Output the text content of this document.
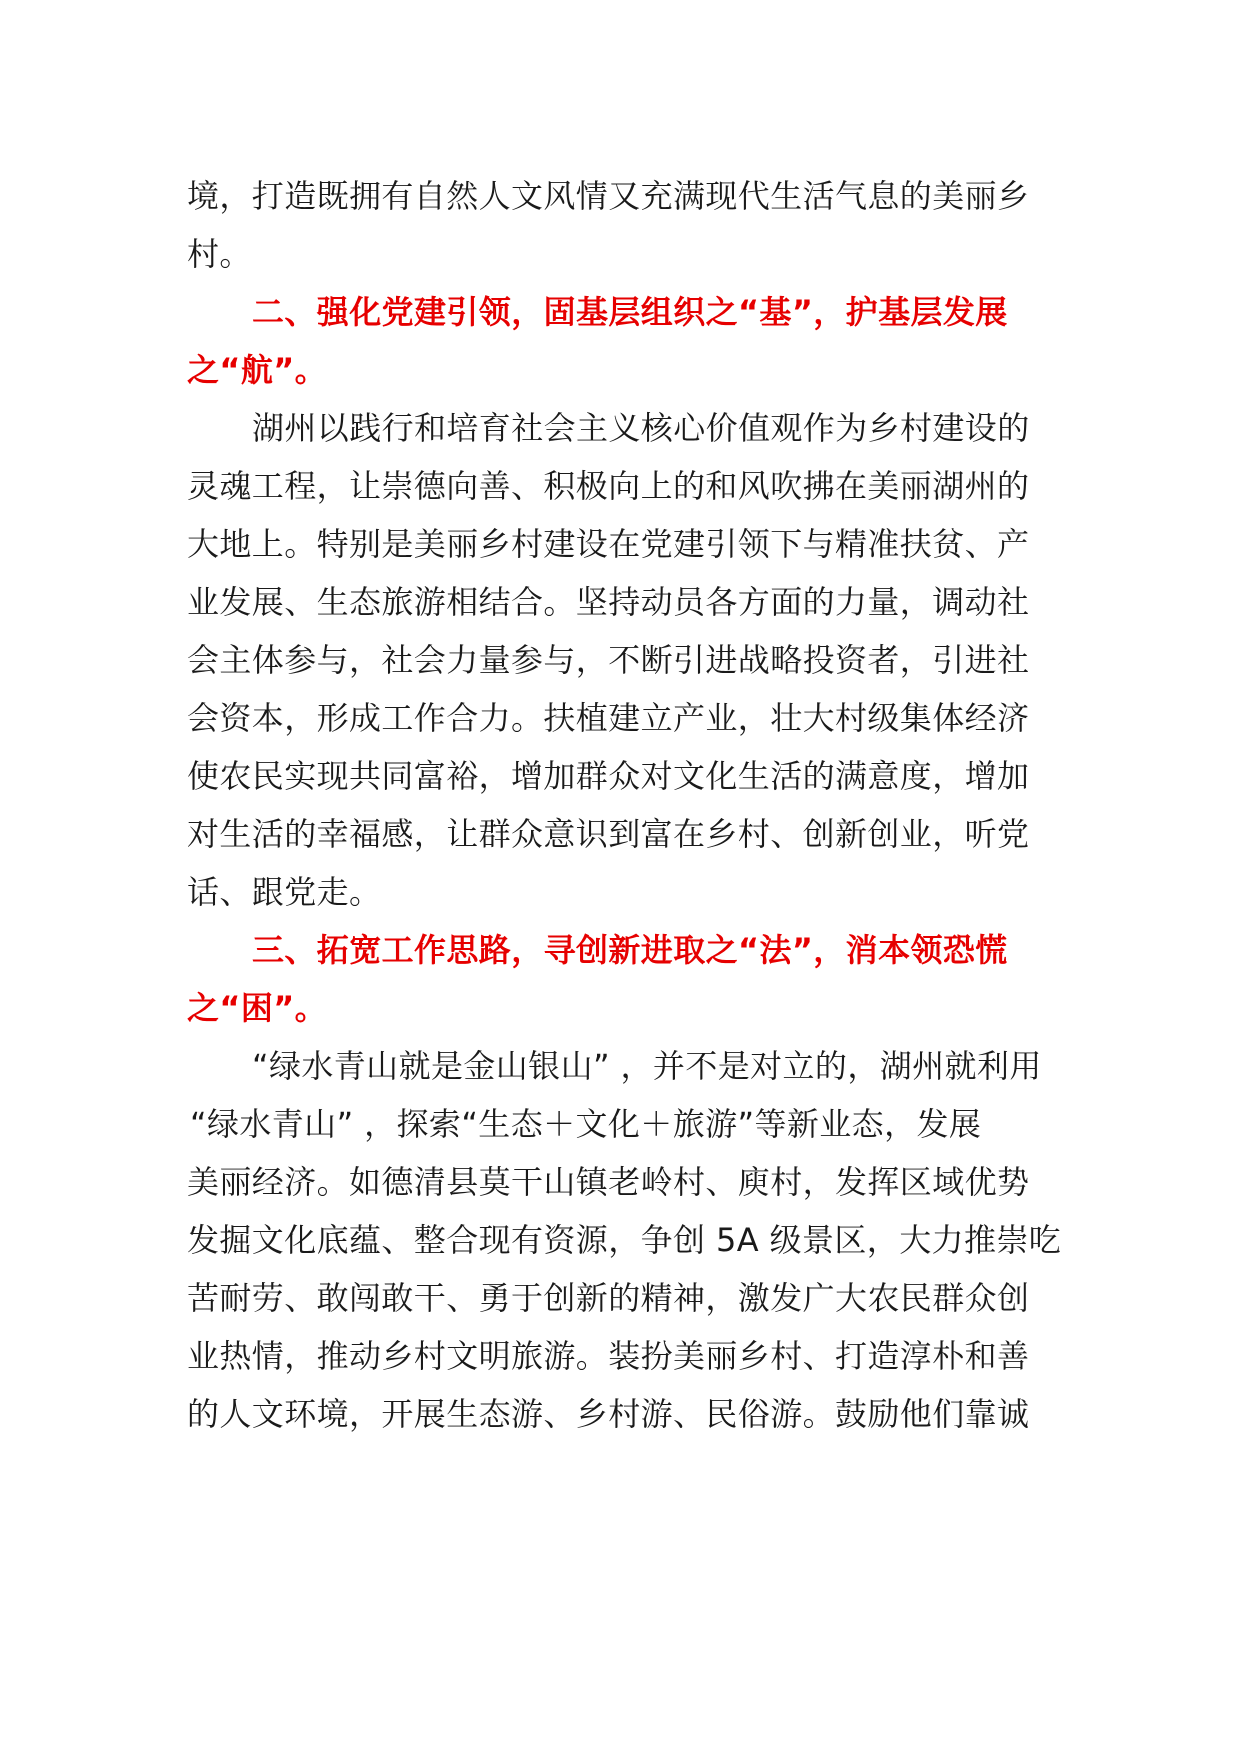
境，打造既拥有自然人文风情又充满现代生活气息的美丽乡
村。
二、强化党建引领，固基层组织之“基”，护基层发展
之“航”。
湖州以践行和培育社会主义核心价值观作为乡村建设的
灵魂工程，让崇德向善、积极向上的和风吹拂在美丽湖州的
大地上。特别是美丽乡村建设在党建引领下与精准扶贫、产
业发展、生态旅游相结合。坚持动员各方面的力量，调动社
会主体参与，社会力量参与，不断引进战略投资者，引进社
会资本，形成工作合力。扶植建立产业，壮大村级集体经济
使农民实现共同富裕，增加群众对文化生活的满意度，增加
对生活的幸福感，让群众意识到富在乡村、创新创业，听党
话、跟党走。
三、拓宽工作思路，寻创新进取之“法”，消本领恐慌
之“困”。
“绿水青山就是金山银山” ，并不是对立的，湖州就利用
“绿水青山” ，探索“生态＋文化＋旅游”等新业态，发展
美丽经济。如德清县莫干山镇老岭村、庾村，发挥区域优势
发掘文化底蕴、整合现有资源，争创 5A 级景区，大力推崇吃
苦耐劳、敢闯敢干、勇于创新的精神，激发广大农民群众创
业热情，推动乡村文明旅游。装扮美丽乡村、打造淳朴和善
的人文环境，开展生态游、乡村游、民俗游。鼓励他们靠诚
